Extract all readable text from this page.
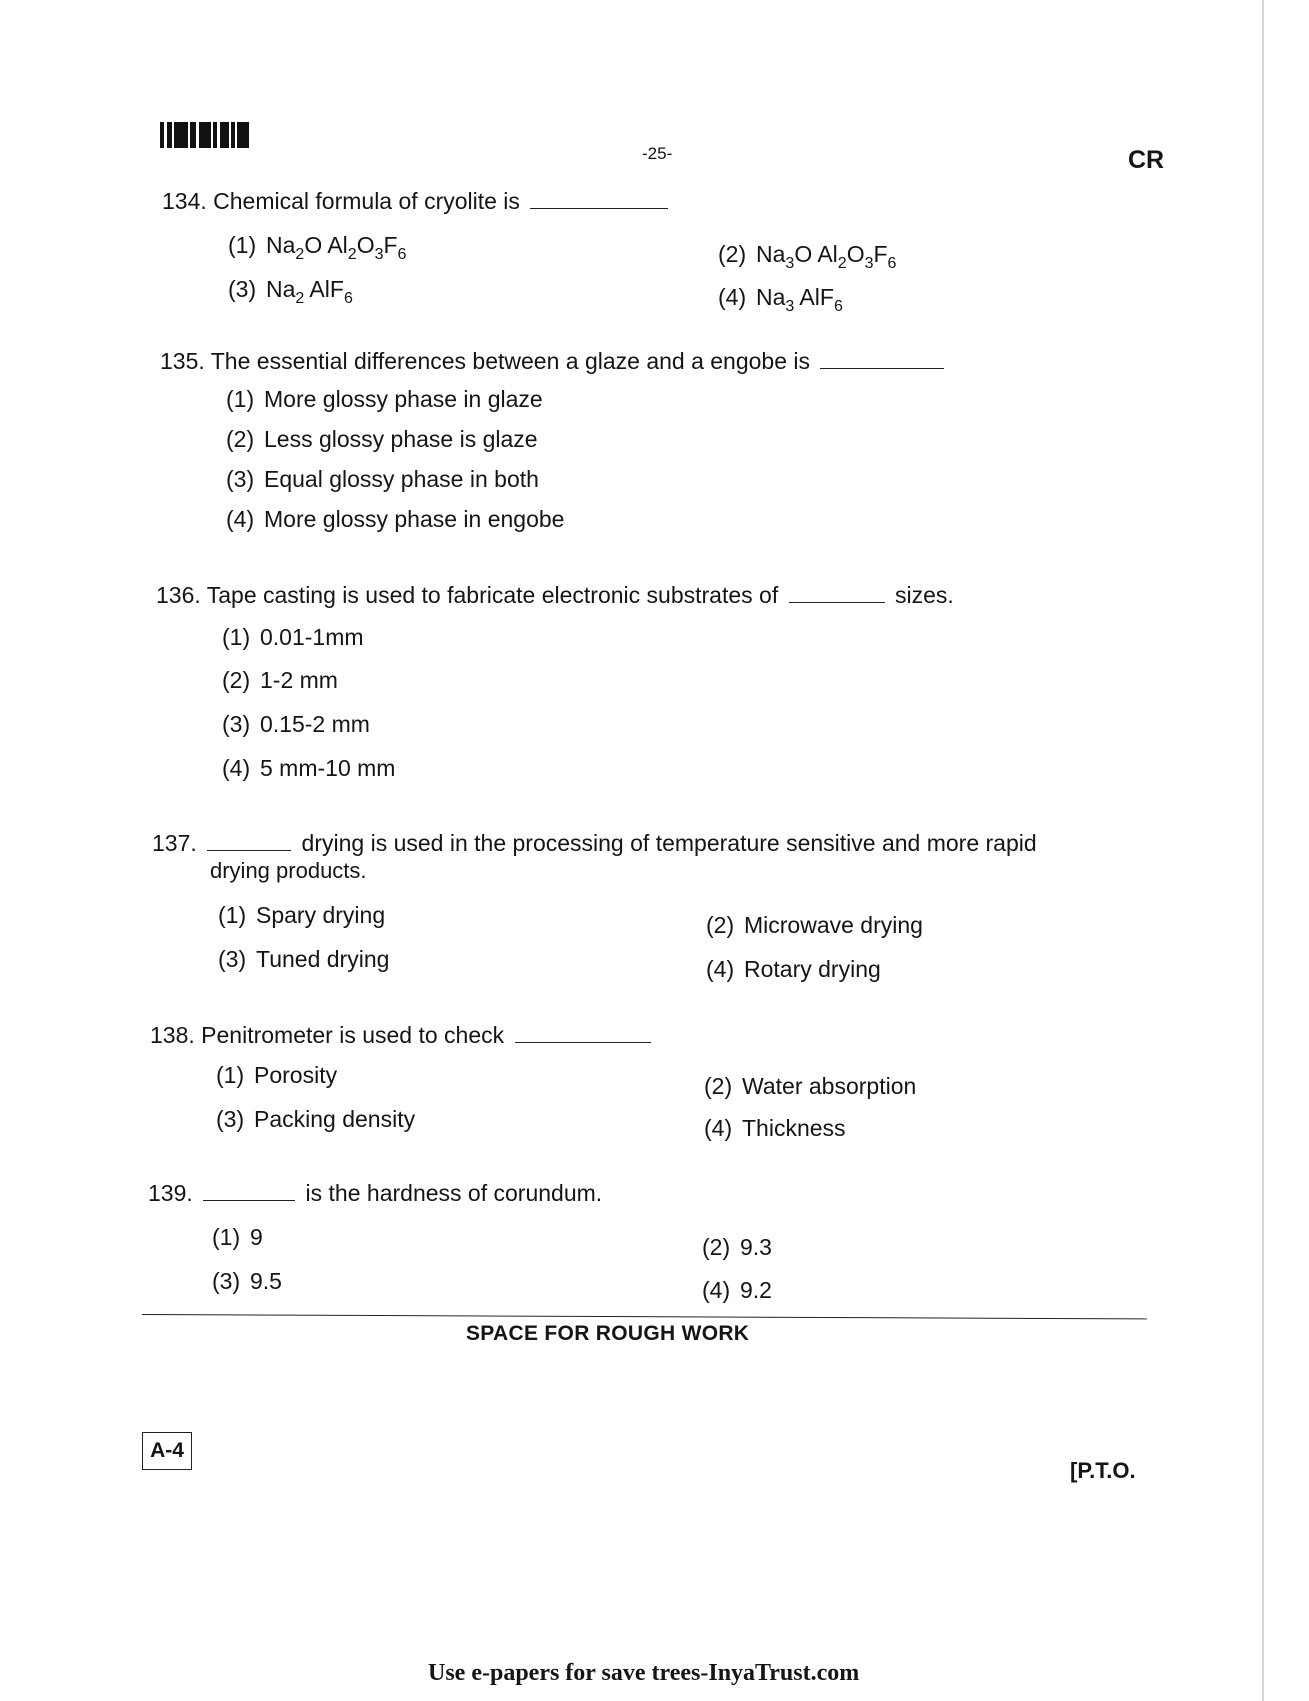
-25-	CR
134. Chemical formula of cryolite is
(1) $Na_2O$ $Al_2O_3F_6$	(2) $Na_3O$ $Al_2O_3F_6$
(3) $Na_2$ AlF$_6$	(4) $Na_3$ AlF$_6$
135. The essential differences between a glaze and a engobe is
(1) More glossy phase in glaze
(2) Less glossy phase is glaze
(3) Equal glossy phase in both
(4) More glossy phase in engobe
136. Tape casting is used to fabricate electronic substrates of	sizes.
(1) 0.01-1mm
(2) 1-2 mm
(3) 0.15-2 mm
(4) 5 mm-10 mm
137.	drying is used in the processing of temperature sensitive and more rapid
drying products.
(1) Spary drying	(2) Microwave drying
(3) Tuned drying	(4) Rotary drying
138. Penitrometer is used to check
(1) Porosity	(2) Water absorption
(3) Packing density	(4) Thickness
139.	is the hardness of corundum.
(1) 9	(2) 9.3
(3) 9.5	(4) 9.2
SPACE FOR ROUGH WORK
A-4
[P.T.O.
Use e-papers for save trees-InyaTrust.com
